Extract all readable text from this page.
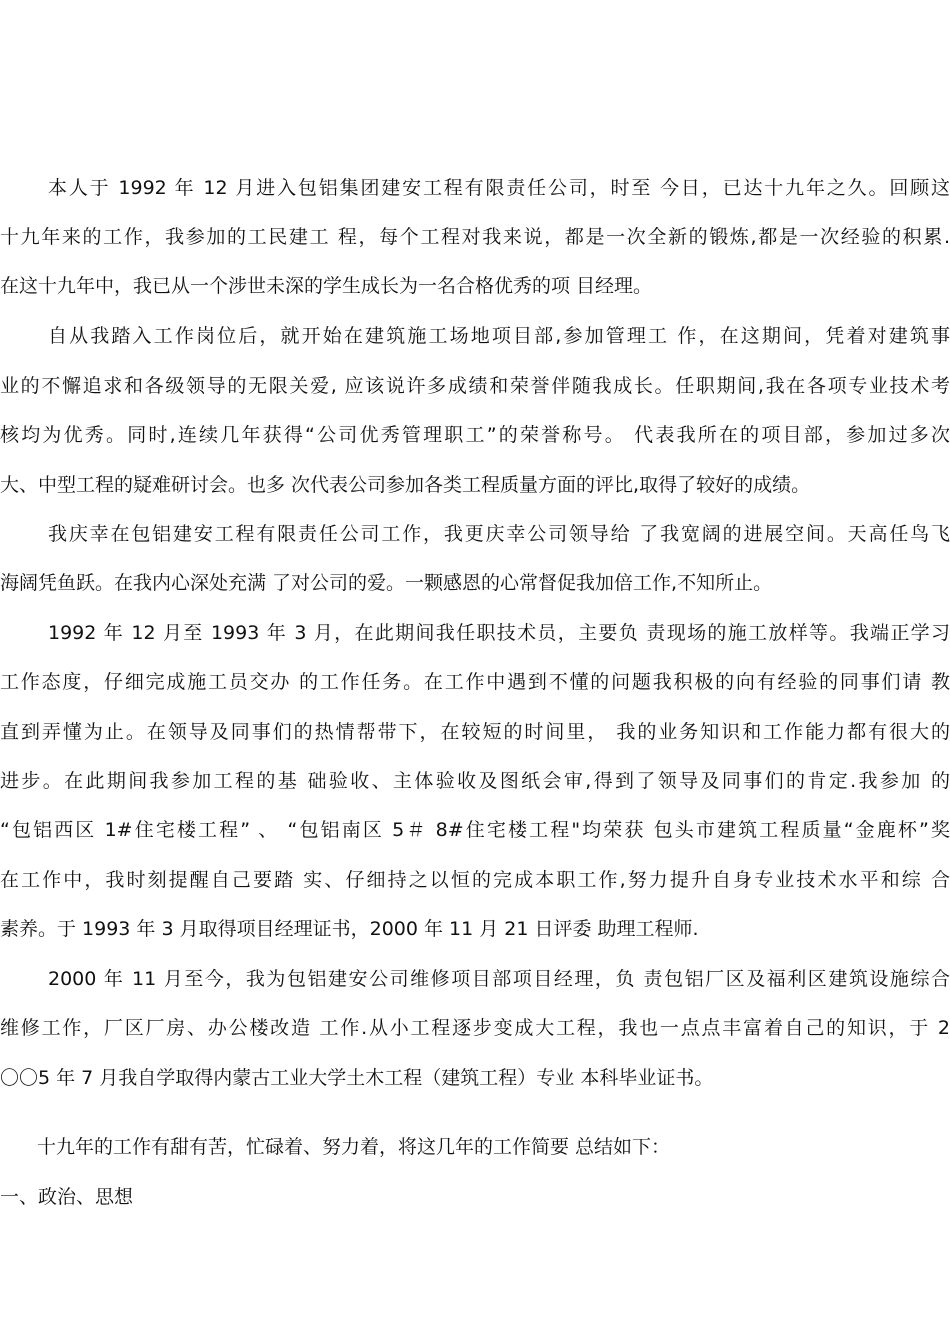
本人于 1992 年 12 月进入包铝集团建安工程有限责任公司，时至 今日，已达十九年之久。回顾这
十九年来的工作，我参加的工民建工 程，每个工程对我来说，都是一次全新的锻炼,都是一次经验的积累.
在这十九年中，我已从一个涉世未深的学生成长为一名合格优秀的项 目经理。
自从我踏入工作岗位后，就开始在建筑施工场地项目部,参加管理工 作，在这期间，凭着对建筑事
业的不懈追求和各级领导的无限关爱, 应该说许多成绩和荣誉伴随我成长。任职期间,我在各项专业技术考
核均为优秀。同时,连续几年获得“公司优秀管理职工”的荣誉称号。 代表我所在的项目部，参加过多次
大、中型工程的疑难研讨会。也多 次代表公司参加各类工程质量方面的评比,取得了较好的成绩。
我庆幸在包铝建安工程有限责任公司工作，我更庆幸公司领导给 了我宽阔的进展空间。天高任鸟飞
海阔凭鱼跃。在我内心深处充满 了对公司的爱。一颗感恩的心常督促我加倍工作,不知所止。
1992 年 12 月至 1993 年 3 月，在此期间我任职技术员，主要负 责现场的施工放样等。我端正学习
工作态度，仔细完成施工员交办 的工作任务。在工作中遇到不懂的问题我积极的向有经验的同事们请 教
直到弄懂为止。在领导及同事们的热情帮带下，在较短的时间里， 我的业务知识和工作能力都有很大的
进步。在此期间我参加工程的基 础验收、主体验收及图纸会审,得到了领导及同事们的肯定.我参加 的
“包铝西区 1#住宅楼工程” 、 “包铝南区 5＃ 8#住宅楼工程"均荣获 包头市建筑工程质量“金鹿杯”奖
在工作中，我时刻提醒自己要踏 实、仔细持之以恒的完成本职工作,努力提升自身专业技术水平和综 合
素养。于 1993 年 3 月取得项目经理证书，2000 年 11 月 21 日评委 助理工程师.
2000 年 11 月至今，我为包铝建安公司维修项目部项目经理，负 责包铝厂区及福利区建筑设施综合
维修工作，厂区厂房、办公楼改造 工作.从小工程逐步变成大工程，我也一点点丰富着自己的知识，于 2
〇〇5 年 7 月我自学取得内蒙古工业大学土木工程（建筑工程）专业 本科毕业证书。
十九年的工作有甜有苦，忙碌着、努力着，将这几年的工作简要 总结如下：
一、政治、思想
